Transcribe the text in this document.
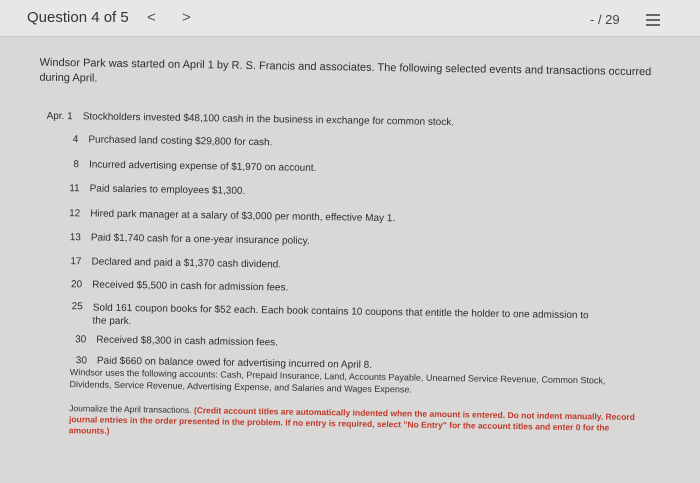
Question 4 of 5 < >	- / 29
Windsor Park was started on April 1 by R. S. Francis and associates. The following selected events and transactions occurred during April.
Apr. 1 Stockholders invested $48,100 cash in the business in exchange for common stock.
4 Purchased land costing $29,800 for cash.
8 Incurred advertising expense of $1,970 on account.
11 Paid salaries to employees $1,300.
12 Hired park manager at a salary of $3,000 per month, effective May 1.
13 Paid $1,740 cash for a one-year insurance policy.
17 Declared and paid a $1,370 cash dividend.
20 Received $5,500 in cash for admission fees.
25 Sold 161 coupon books for $52 each. Each book contains 10 coupons that entitle the holder to one admission to the park.
30 Received $8,300 in cash admission fees.
30 Paid $660 on balance owed for advertising incurred on April 8.
Windsor uses the following accounts: Cash, Prepaid Insurance, Land, Accounts Payable, Unearned Service Revenue, Common Stock, Dividends, Service Revenue, Advertising Expense, and Salaries and Wages Expense.
Journalize the April transactions. (Credit account titles are automatically indented when the amount is entered. Do not indent manually. Record journal entries in the order presented in the problem. If no entry is required, select "No Entry" for the account titles and enter 0 for the amounts.)
